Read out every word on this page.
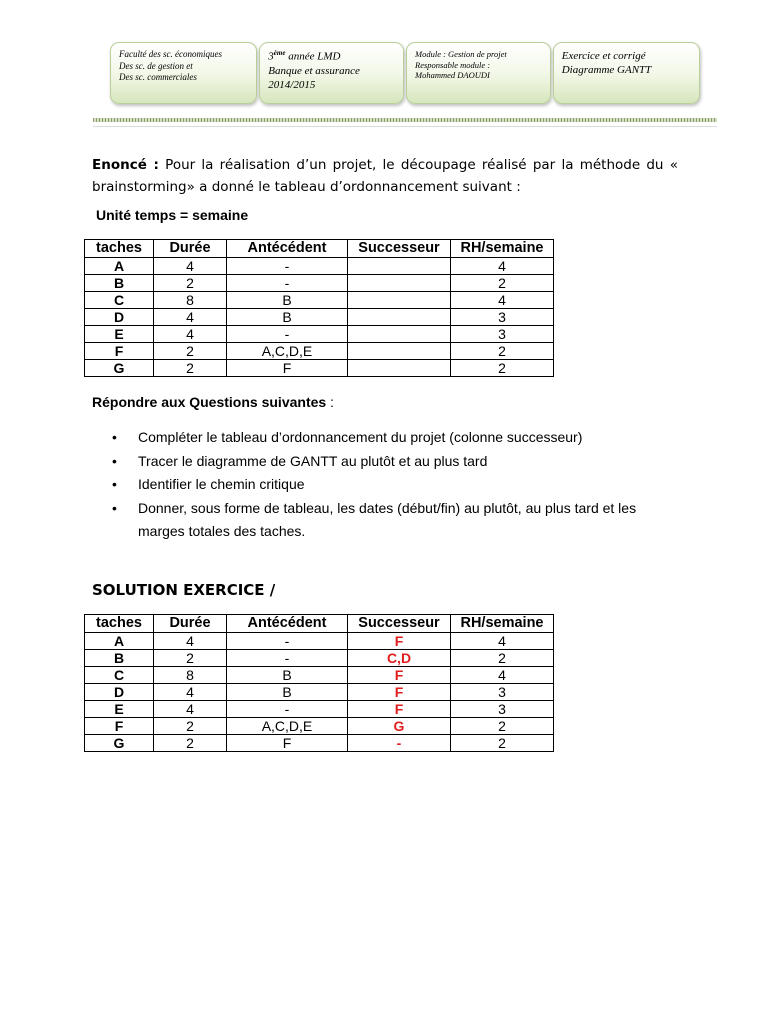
Faculté des sc. économiques
Des sc. de gestion et
Des sc. commerciales
3ème année LMD
Banque et assurance
2014/2015
Module : Gestion de projet
Responsable module :
Mohammed DAOUDI
Exercice et corrigé
Diagramme GANTT
Enoncé : Pour la réalisation d’un projet, le découpage réalisé par la méthode du « brainstorming» a donné le tableau d’ordonnancement suivant :
Unité temps = semaine
taches	Durée	Antécédent	Successeur	RH/semaine
A	4	-		4
B	2	-		2
C	8	B		4
D	4	B		3
E	4	-		3
F	2	A,C,D,E		2
G	2	F		2
Répondre aux Questions suivantes :
• Compléter le tableau d’ordonnancement du projet (colonne successeur)
• Tracer le diagramme de GANTT au plutôt et au plus tard
• Identifier le chemin critique
• Donner, sous forme de tableau, les dates (début/fin) au plutôt, au plus tard et les marges totales des taches.
SOLUTION EXERCICE /
taches	Durée	Antécédent	Successeur	RH/semaine
A	4	-	F	4
B	2	-	C,D	2
C	8	B	F	4
D	4	B	F	3
E	4	-	F	3
F	2	A,C,D,E	G	2
G	2	F	-	2
